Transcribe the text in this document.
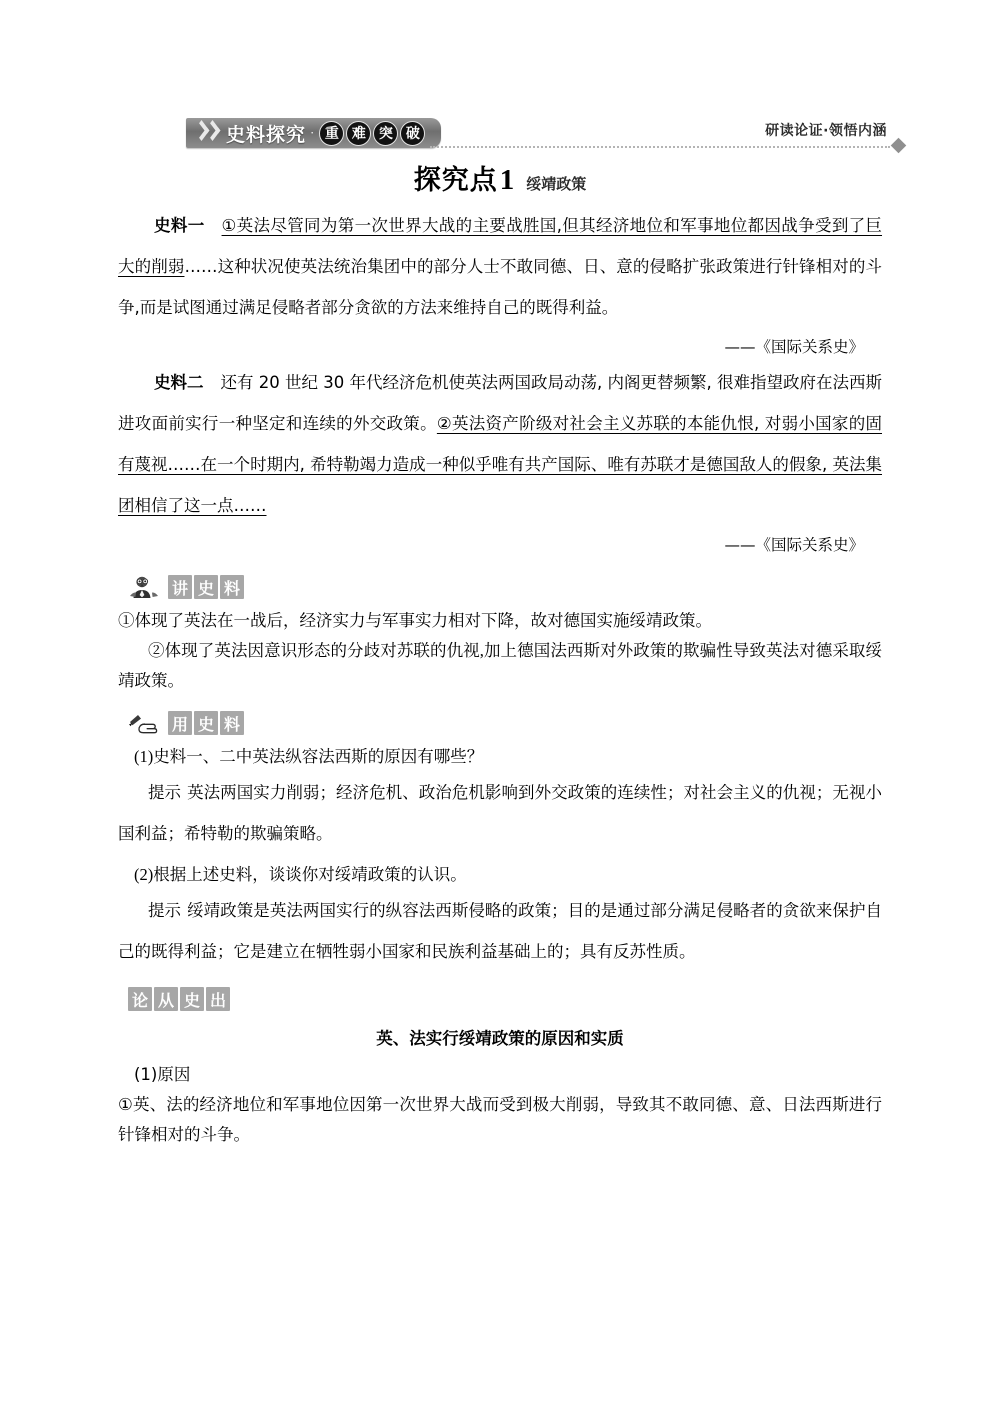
史料探究 · 重 难 突 破	研读论证·领悟内涵
探究点1 绥靖政策

史料一 ①英法尽管同为第一次世界大战的主要战胜国,但其经济地位和军事地位都因战争受到了巨大的削弱……这种状况使英法统治集团中的部分人士不敢同德、日、意的侵略扩张政策进行针锋相对的斗争,而是试图通过满足侵略者部分贪欲的方法来维持自己的既得利益。

——《国际关系史》

史料二 还有 20 世纪 30 年代经济危机使英法两国政局动荡, 内阁更替频繁, 很难指望政府在法西斯进攻面前实行一种坚定和连续的外交政策。②英法资产阶级对社会主义苏联的本能仇恨, 对弱小国家的固有蔑视……在一个时期内, 希特勒竭力造成一种似乎唯有共产国际、唯有苏联才是德国敌人的假象, 英法集团相信了这一点……

——《国际关系史》

讲 史 料

①体现了英法在一战后，经济实力与军事实力相对下降，故对德国实施绥靖政策。

②体现了英法因意识形态的分歧对苏联的仇视,加上德国法西斯对外政策的欺骗性导致英法对德采取绥靖政策。

用 史 料

(1)史料一、二中英法纵容法西斯的原因有哪些？

提示 英法两国实力削弱；经济危机、政治危机影响到外交政策的连续性；对社会主义的仇视；无视小国利益；希特勒的欺骗策略。

(2)根据上述史料，谈谈你对绥靖政策的认识。

提示 绥靖政策是英法两国实行的纵容法西斯侵略的政策；目的是通过部分满足侵略者的贪欲来保护自己的既得利益；它是建立在牺牲弱小国家和民族利益基础上的；具有反苏性质。

论 从 史 出

英、法实行绥靖政策的原因和实质

(1)原因

①英、法的经济地位和军事地位因第一次世界大战而受到极大削弱，导致其不敢同德、意、日法西斯进行针锋相对的斗争。
